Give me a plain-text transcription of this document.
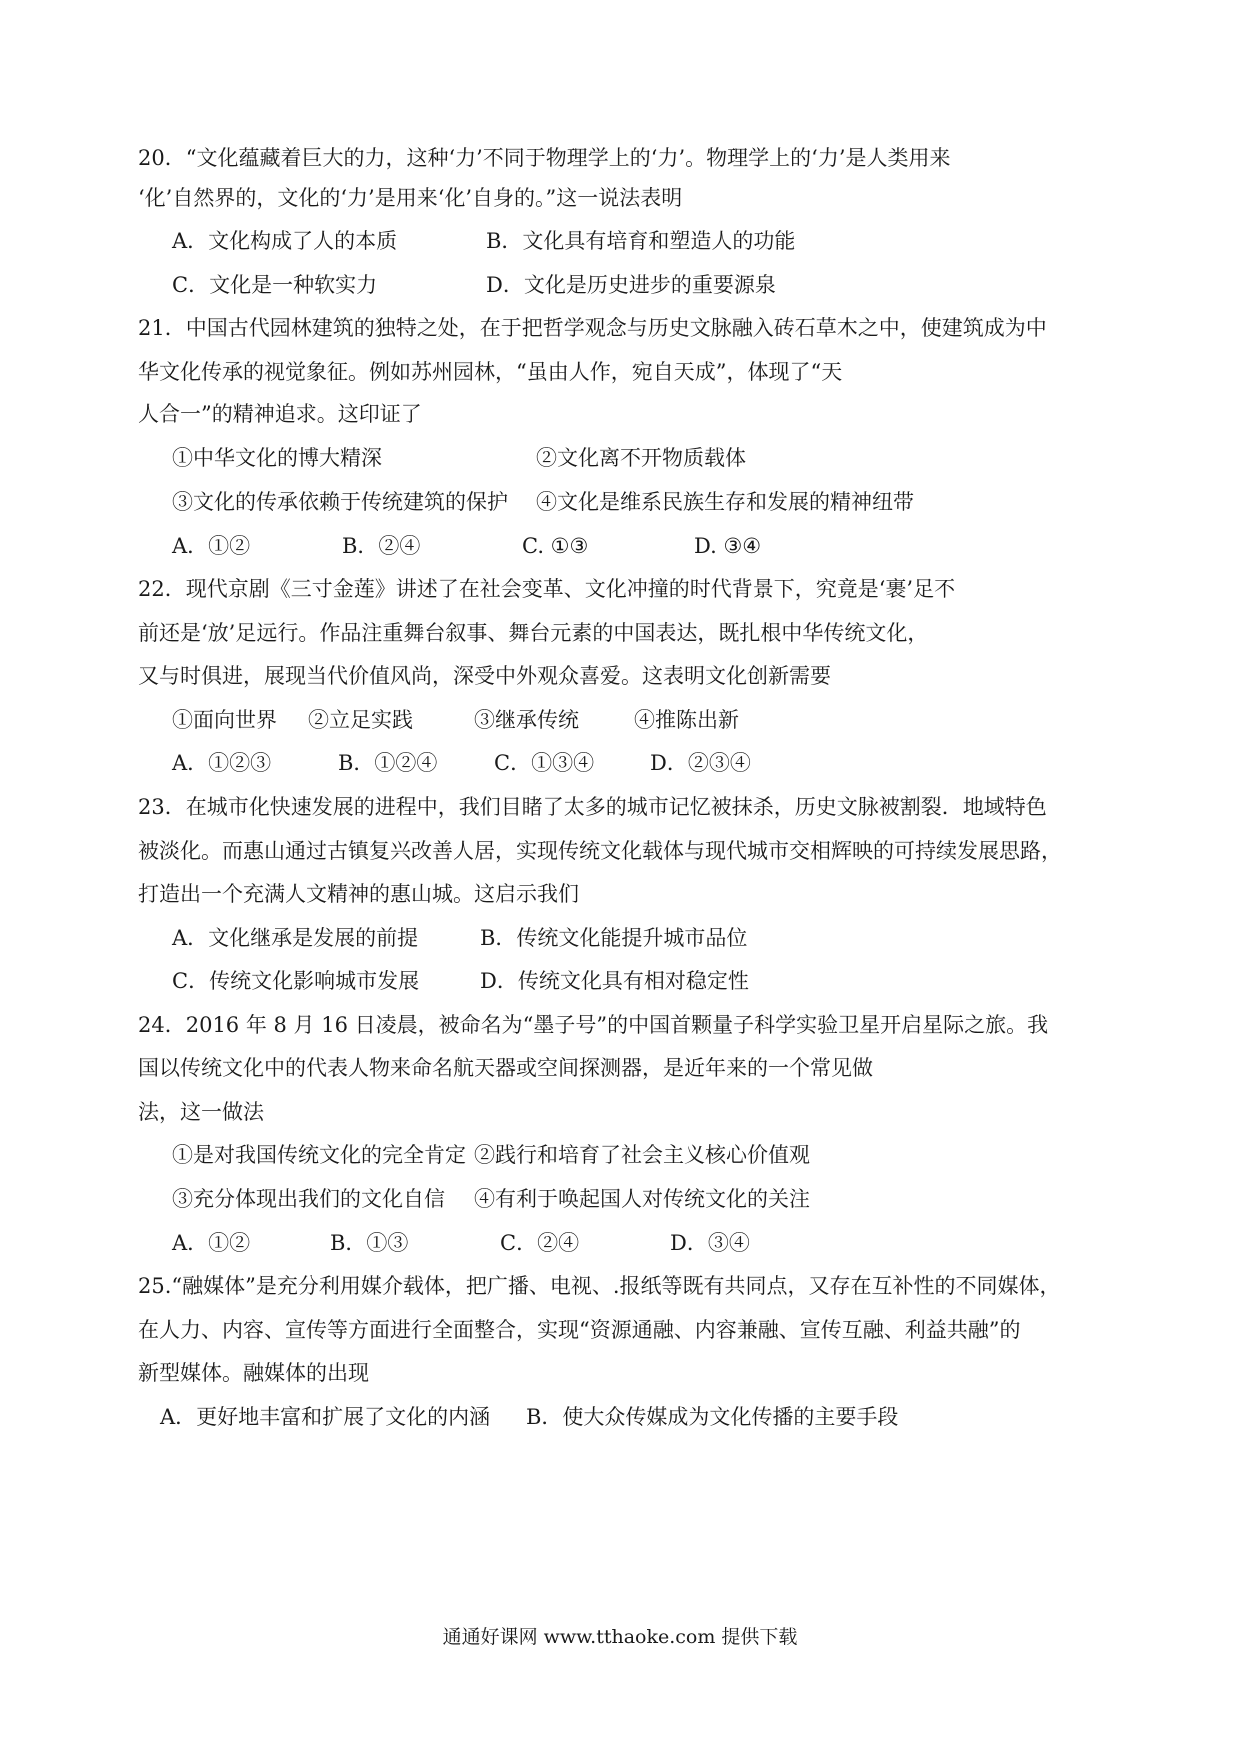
20．“文化蕴藏着巨大的力，这种‘力’不同于物理学上的‘力’。物理学上的‘力’是人类用来
‘化’自然界的，文化的‘力’是用来‘化’自身的。”这一说法表明
A．文化构成了人的本质	B．文化具有培育和塑造人的功能
C．文化是一种软实力	D．文化是历史进步的重要源泉
21．中国古代园林建筑的独特之处，在于把哲学观念与历史文脉融入砖石草木之中，使建筑成为中
华文化传承的视觉象征。例如苏州园林，“虽由人作，宛自天成”，体现了“天
人合一”的精神追求。这印证了
①中华文化的博大精深	②文化离不开物质载体
③文化的传承依赖于传统建筑的保护 ④文化是维系民族生存和发展的精神纽带
A．①②	B．②④	C. ①③	D. ③④
22．现代京剧《三寸金莲》讲述了在社会变革、文化冲撞的时代背景下，究竟是‘裹’足不
前还是‘放’足远行。作品注重舞台叙事、舞台元素的中国表达，既扎根中华传统文化，
又与时俱进，展现当代价值风尚，深受中外观众喜爱。这表明文化创新需要
①面向世界 ②立足实践	③继承传统	④推陈出新
A．①②③	B．①②④	C．①③④	D．②③④
23．在城市化快速发展的进程中，我们目睹了太多的城市记忆被抹杀，历史文脉被割裂．地域特色
被淡化。而惠山通过古镇复兴改善人居，实现传统文化载体与现代城市交相辉映的可持续发展思路，
打造出一个充满人文精神的惠山城。这启示我们
A．文化继承是发展的前提	B．传统文化能提升城市品位
C．传统文化影响城市发展	D．传统文化具有相对稳定性
24．2016 年 8 月 16 日凌晨，被命名为“墨子号”的中国首颗量子科学实验卫星开启星际之旅。我
国以传统文化中的代表人物来命名航天器或空间探测器，是近年来的一个常见做
法，这一做法
①是对我国传统文化的完全肯定 ②践行和培育了社会主义核心价值观
③充分体现出我们的文化自信 ④有利于唤起国人对传统文化的关注
A．①②	B．①③	C．②④	D．③④
25.“融媒体”是充分利用媒介载体，把广播、电视、.报纸等既有共同点，又存在互补性的不同媒体，
在人力、内容、宣传等方面进行全面整合，实现“资源通融、内容兼融、宣传互融、利益共融”的
新型媒体。融媒体的出现
A．更好地丰富和扩展了文化的内涵 B．使大众传媒成为文化传播的主要手段
通通好课网 www.tthaoke.com 提供下载
